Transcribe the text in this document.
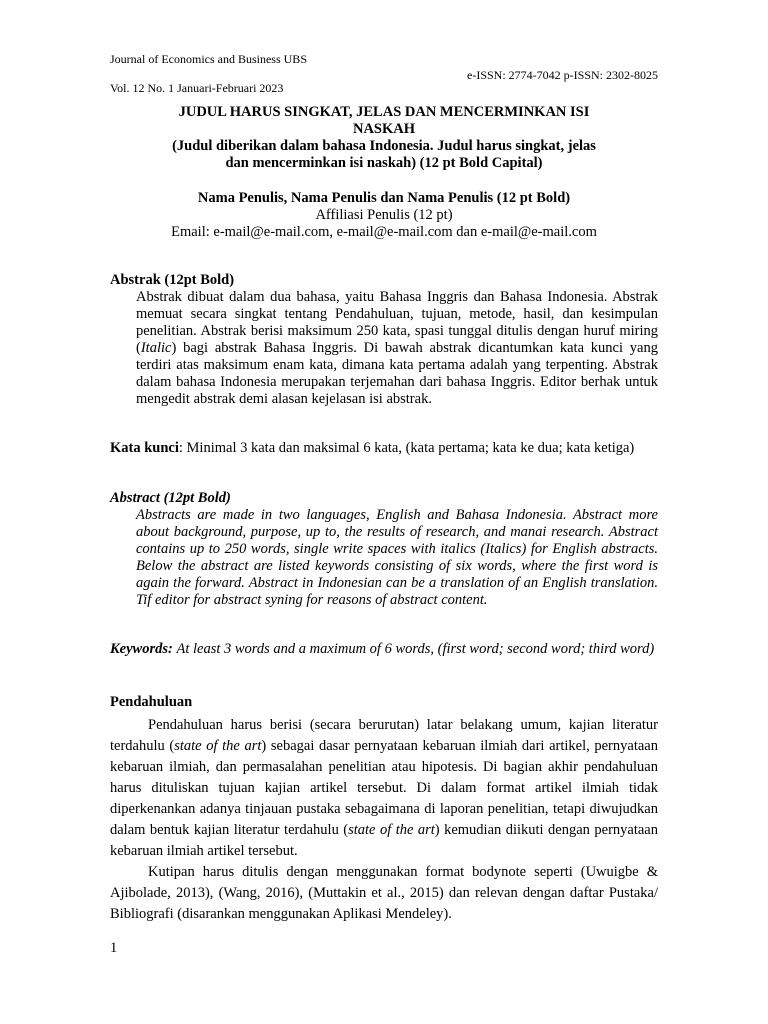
Journal of Economics and Business UBS
e-ISSN: 2774-7042 p-ISSN: 2302-8025
Vol. 12 No. 1 Januari-Februari 2023
JUDUL HARUS SINGKAT, JELAS DAN MENCERMINKAN ISI
NASKAH
(Judul diberikan dalam bahasa Indonesia. Judul harus singkat, jelas
dan mencerminkan isi naskah) (12 pt Bold Capital)
Nama Penulis, Nama Penulis dan Nama Penulis (12 pt Bold)
Affiliasi Penulis (12 pt)
Email: e-mail@e-mail.com, e-mail@e-mail.com dan e-mail@e-mail.com
Abstrak (12pt Bold)
Abstrak dibuat dalam dua bahasa, yaitu Bahasa Inggris dan Bahasa Indonesia. Abstrak memuat secara singkat tentang Pendahuluan, tujuan, metode, hasil, dan kesimpulan penelitian. Abstrak berisi maksimum 250 kata, spasi tunggal ditulis dengan huruf miring (Italic) bagi abstrak Bahasa Inggris. Di bawah abstrak dicantumkan kata kunci yang terdiri atas maksimum enam kata, dimana kata pertama adalah yang terpenting. Abstrak dalam bahasa Indonesia merupakan terjemahan dari bahasa Inggris. Editor berhak untuk mengedit abstrak demi alasan kejelasan isi abstrak.
Kata kunci : Minimal 3 kata dan maksimal 6 kata, (kata pertama; kata ke dua; kata ketiga)
Abstract (12pt Bold)
Abstracts are made in two languages, English and Bahasa Indonesia. Abstract more about background, purpose, up to, the results of research, and manai research. Abstract contains up to 250 words, single write spaces with italics (Italics) for English abstracts. Below the abstract are listed keywords consisting of six words, where the first word is again the forward. Abstract in Indonesian can be a translation of an English translation. Tif editor for abstract syning for reasons of abstract content.
Keywords: At least 3 words and a maximum of 6 words, (first word; second word; third word)
Pendahuluan

Pendahuluan harus berisi (secara berurutan) latar belakang umum, kajian literatur terdahulu (state of the art) sebagai dasar pernyataan kebaruan ilmiah dari artikel, pernyataan kebaruan ilmiah, dan permasalahan penelitian atau hipotesis. Di bagian akhir pendahuluan harus dituliskan tujuan kajian artikel tersebut. Di dalam format artikel ilmiah tidak diperkenankan adanya tinjauan pustaka sebagaimana di laporan penelitian, tetapi diwujudkan dalam bentuk kajian literatur terdahulu (state of the art) kemudian diikuti dengan pernyataan kebaruan ilmiah artikel tersebut.

Kutipan harus ditulis dengan menggunakan format bodynote seperti (Uwuigbe & Ajibolade, 2013), (Wang, 2016), (Muttakin et al., 2015) dan relevan dengan daftar Pustaka/ Bibliografi (disarankan menggunakan Aplikasi Mendeley).

1
